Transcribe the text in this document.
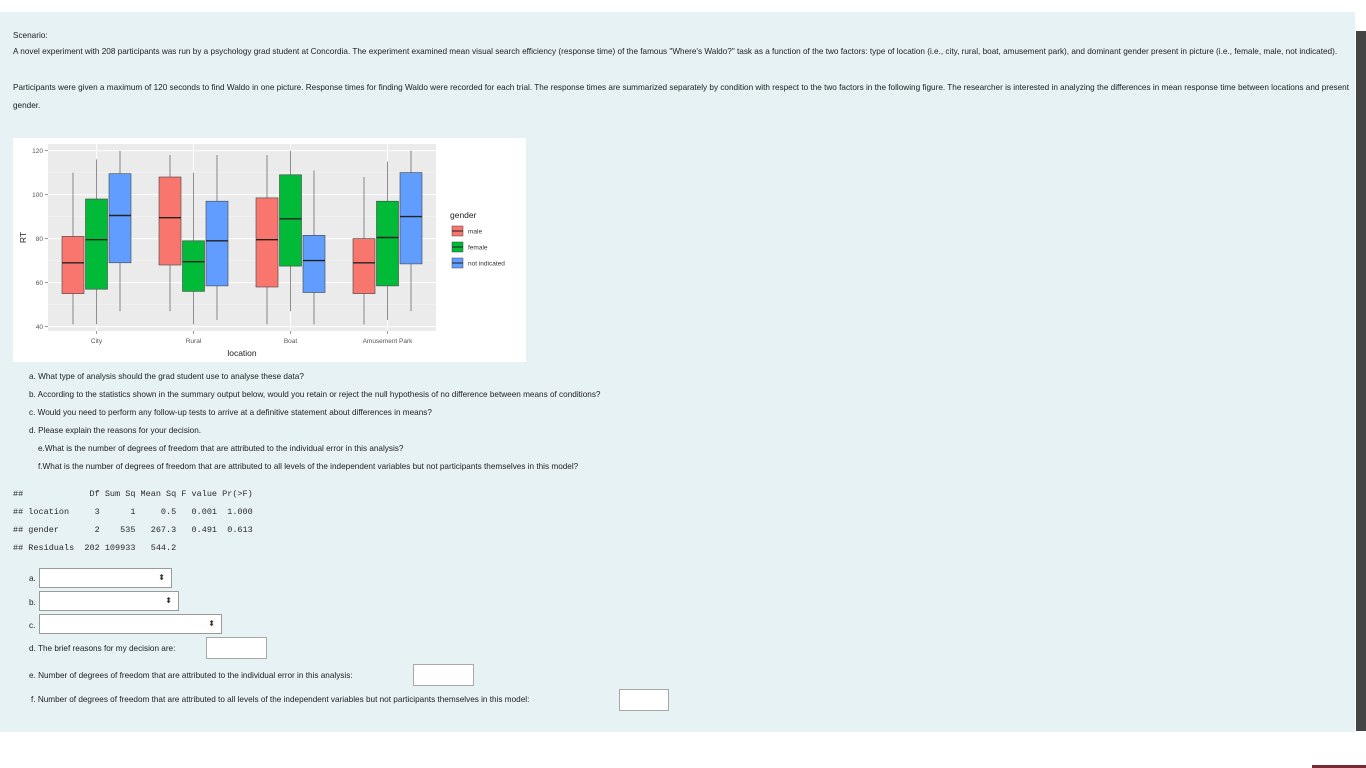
Scenario:
A novel experiment with 208 participants was run by a psychology grad student at Concordia. The experiment examined mean visual search efficiency (response time) of the famous "Where's Waldo?" task as a function of the two factors: type of location (i.e., city, rural, boat, amusement park), and dominant gender present in picture (i.e., female, male, not indicated).
Participants were given a maximum of 120 seconds to find Waldo in one picture. Response times for finding Waldo were recorded for each trial. The response times are summarized separately by condition with respect to the two factors in the following figure. The researcher is interested in analyzing the differences in mean response time between locations and present gender.
40
60
80
100
120
City	Rural	Boat	Amusement Park
location
RT
gender
male
female
not indicated
a. What type of analysis should the grad student use to analyse these data?
b. According to the statistics shown in the summary output below, would you retain or reject the null hypothesis of no difference between means of conditions?
c. Would you need to perform any follow-up tests to arrive at a definitive statement about differences in means?
d. Please explain the reasons for your decision.
e.What is the number of degrees of freedom that are attributed to the individual error in this analysis?
f.What is the number of degrees of freedom that are attributed to all levels of the independent variables but not participants themselves in this model?
##             Df Sum Sq Mean Sq F value Pr(>F)
## location     3      1     0.5   0.001  1.000
## gender       2    535   267.3   0.491  0.613
## Residuals  202 109933   544.2
a.	⬍
b.	⬍
c.	⬍
d. The brief reasons for my decision are:
e. Number of degrees of freedom that are attributed to the individual error in this analysis:
f. Number of degrees of freedom that are attributed to all levels of the independent variables but not participants themselves in this model:
